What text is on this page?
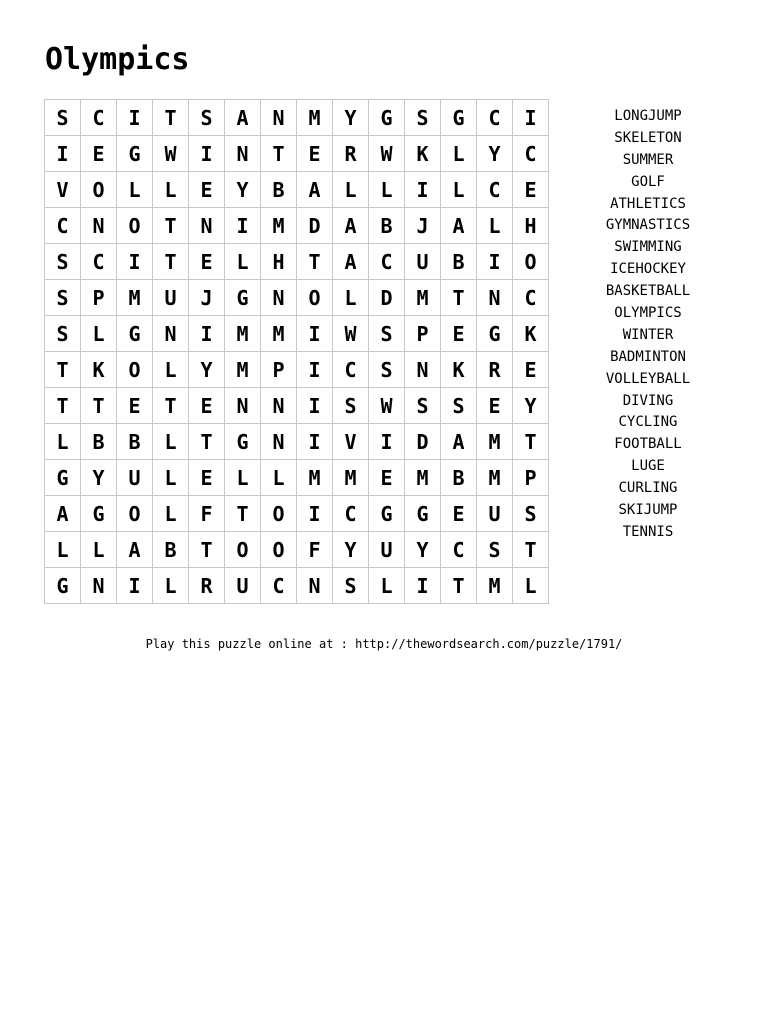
Olympics
S	C	I	T	S	A	N	M	Y	G	S	G	C	I
I	E	G	W	I	N	T	E	R	W	K	L	Y	C
V	O	L	L	E	Y	B	A	L	L	I	L	C	E
C	N	O	T	N	I	M	D	A	B	J	A	L	H
S	C	I	T	E	L	H	T	A	C	U	B	I	O
S	P	M	U	J	G	N	O	L	D	M	T	N	C
S	L	G	N	I	M	M	I	W	S	P	E	G	K
T	K	O	L	Y	M	P	I	C	S	N	K	R	E
T	T	E	T	E	N	N	I	S	W	S	S	E	Y
L	B	B	L	T	G	N	I	V	I	D	A	M	T
G	Y	U	L	E	L	L	M	M	E	M	B	M	P
A	G	O	L	F	T	O	I	C	G	G	E	U	S
L	L	A	B	T	O	O	F	Y	U	Y	C	S	T
G	N	I	L	R	U	C	N	S	L	I	T	M	L
LONGJUMP
SKELETON
SUMMER
GOLF
ATHLETICS
GYMNASTICS
SWIMMING
ICEHOCKEY
BASKETBALL
OLYMPICS
WINTER
BADMINTON
VOLLEYBALL
DIVING
CYCLING
FOOTBALL
LUGE
CURLING
SKIJUMP
TENNIS
Play this puzzle online at : http://thewordsearch.com/puzzle/1791/
